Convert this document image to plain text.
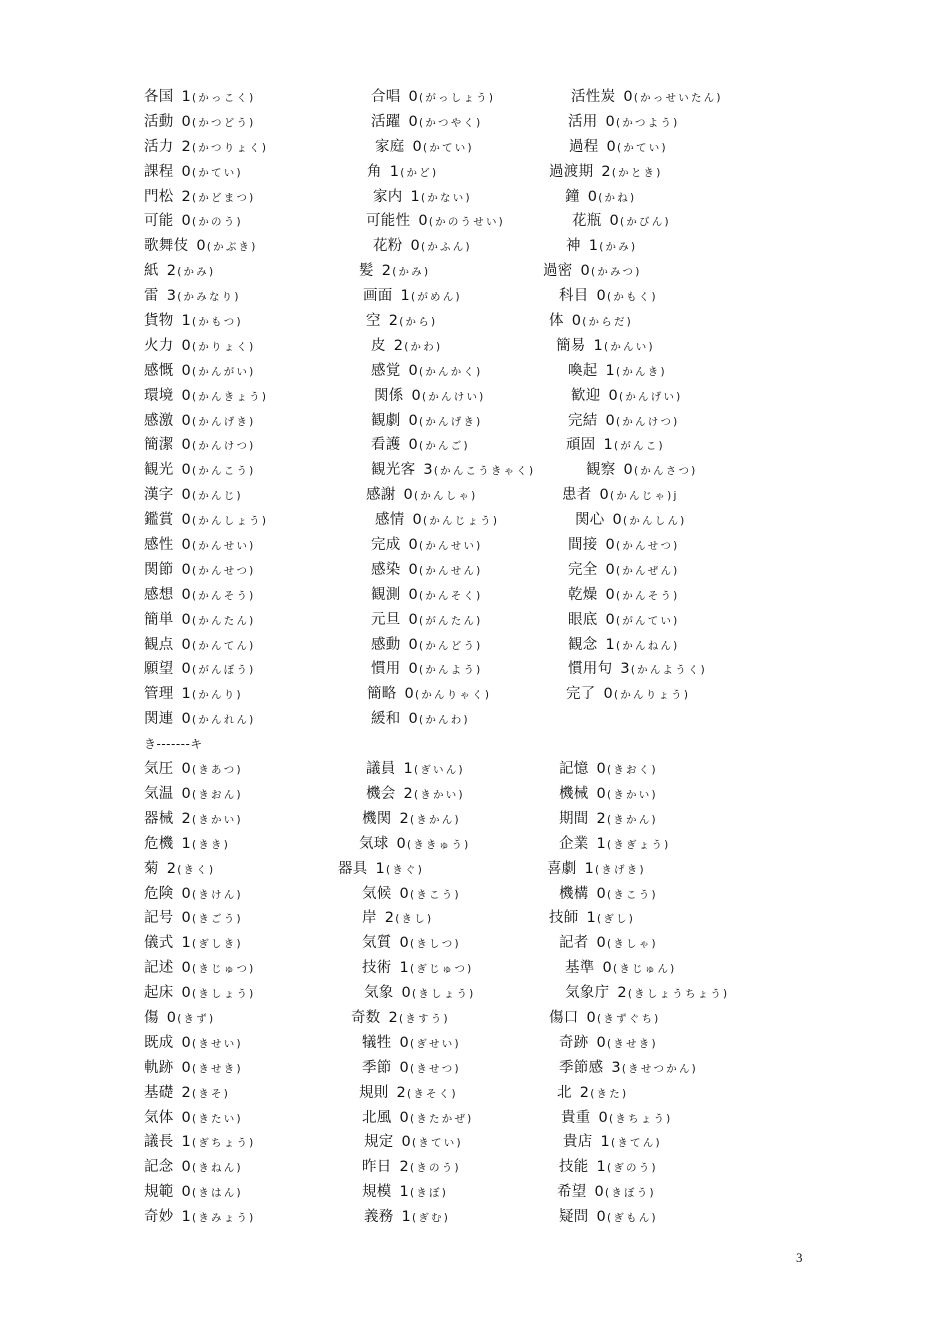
各国 1(かっこく)	合唱 0(がっしょう)	活性炭 0(かっせいたん)
活動 0(かつどう)	活躍 0(かつやく)	活用 0(かつよう)
活力 2(かつりょく)	家庭 0(かてい)	過程 0(かてい)
課程 0(かてい)	角 1(かど)	過渡期 2(かとき)
門松 2(かどまつ)	家内 1(かない)	鐘 0(かね)
可能 0(かのう)	可能性 0(かのうせい)	花瓶 0(かびん)
歌舞伎 0(かぶき)	花粉 0(かふん)	神 1(かみ)
紙 2(かみ)	髪 2(かみ)	過密 0(かみつ)
雷 3(かみなり)	画面 1(がめん)	科目 0(かもく)
貨物 1(かもつ)	空 2(から)	体 0(からだ)
火力 0(かりょく)	皮 2(かわ)	簡易 1(かんい)
感慨 0(かんがい)	感覚 0(かんかく)	喚起 1(かんき)
環境 0(かんきょう)	関係 0(かんけい)	歓迎 0(かんげい)
感激 0(かんげき)	観劇 0(かんげき)	完結 0(かんけつ)
簡潔 0(かんけつ)	看護 0(かんご)	頑固 1(がんこ)
観光 0(かんこう)	観光客 3(かんこうきゃく)	観察 0(かんさつ)
漢字 0(かんじ)	感謝 0(かんしゃ)	患者 0(かんじゃ)j
鑑賞 0(かんしょう)	感情 0(かんじょう)	関心 0(かんしん)
感性 0(かんせい)	完成 0(かんせい)	間接 0(かんせつ)
関節 0(かんせつ)	感染 0(かんせん)	完全 0(かんぜん)
感想 0(かんそう)	観測 0(かんそく)	乾燥 0(かんそう)
簡単 0(かんたん)	元旦 0(がんたん)	眼底 0(がんてい)
観点 0(かんてん)	感動 0(かんどう)	観念 1(かんねん)
願望 0(がんぼう)	慣用 0(かんよう)	慣用句 3(かんようく)
管理 1(かんり)	簡略 0(かんりゃく)	完了 0(かんりょう)
関連 0(かんれん)	緩和 0(かんわ)
き-------キ
気圧 0(きあつ)	議員 1(ぎいん)	記憶 0(きおく)
気温 0(きおん)	機会 2(きかい)	機械 0(きかい)
器械 2(きかい)	機関 2(きかん)	期間 2(きかん)
危機 1(きき)	気球 0(ききゅう)	企業 1(きぎょう)
菊 2(きく)	器具 1(きぐ)	喜劇 1(きげき)
危険 0(きけん)	気候 0(きこう)	機構 0(きこう)
記号 0(きごう)	岸 2(きし)	技師 1(ぎし)
儀式 1(ぎしき)	気質 0(きしつ)	記者 0(きしゃ)
記述 0(きじゅつ)	技術 1(ぎじゅつ)	基準 0(きじゅん)
起床 0(きしょう)	気象 0(きしょう)	気象庁 2(きしょうちょう)
傷 0(きず)	奇数 2(きすう)	傷口 0(きずぐち)
既成 0(きせい)	犠牲 0(ぎせい)	奇跡 0(きせき)
軌跡 0(きせき)	季節 0(きせつ)	季節感 3(きせつかん)
基礎 2(きそ)	規則 2(きそく)	北 2(きた)
気体 0(きたい)	北風 0(きたかぜ)	貴重 0(きちょう)
議長 1(ぎちょう)	規定 0(きてい)	貴店 1(きてん)
記念 0(きねん)	昨日 2(きのう)	技能 1(ぎのう)
規範 0(きはん)	規模 1(きぼ)	希望 0(きぼう)
奇妙 1(きみょう)	義務 1(ぎむ)	疑問 0(ぎもん)
3
